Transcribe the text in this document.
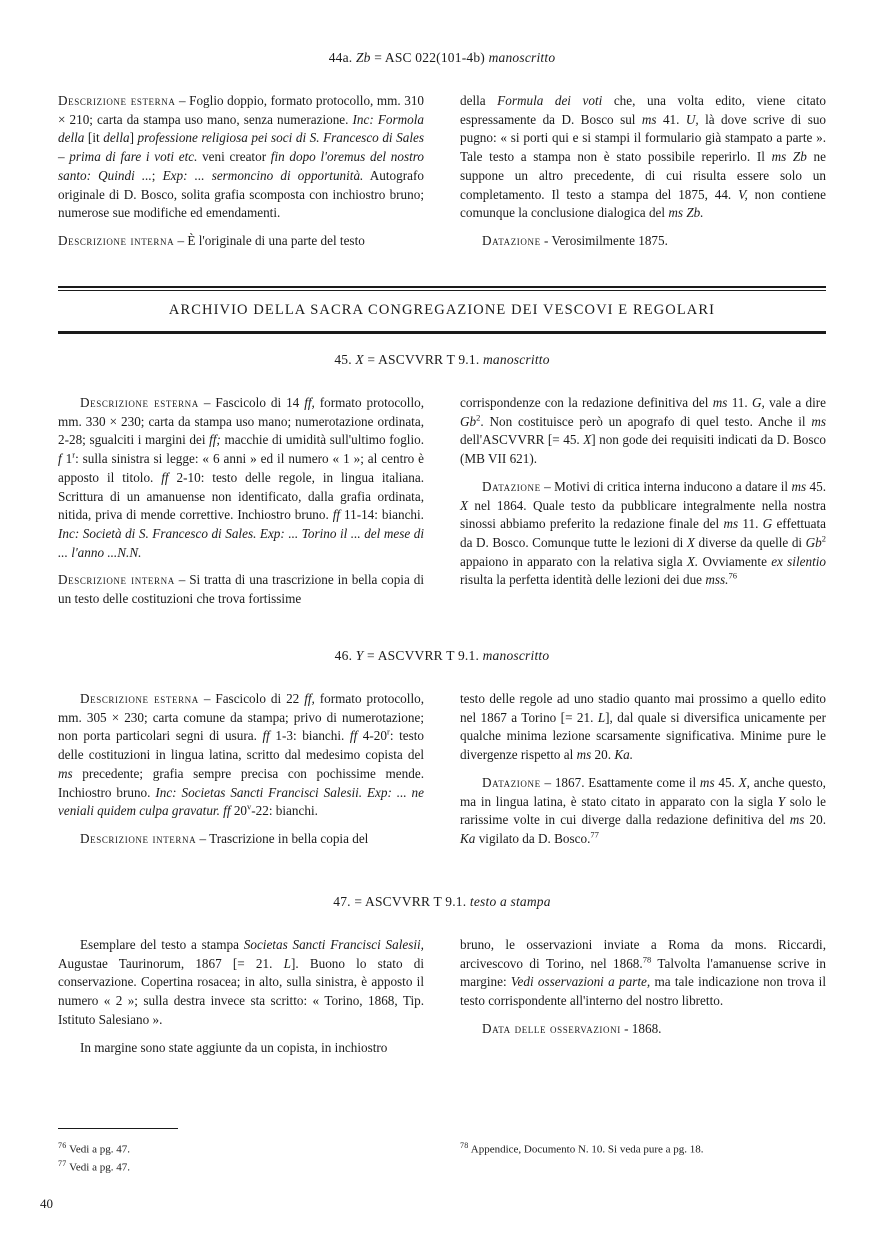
44a. Zb = ASC 022(101-4b) manoscritto

Descrizione esterna – Foglio doppio, formato protocollo, mm. 310 × 210; carta da stampa uso mano, senza numerazione. Inc: Formola della [it della] professione religiosa pei soci di S. Francesco di Sales – prima di fare i voti etc. veni creator fin dopo l'oremus del nostro santo: Quindi ...; Exp: ... sermoncino di opportunità. Autografo originale di D. Bosco, solita grafia scomposta con inchiostro bruno; numerose sue modifiche ed emendamenti.

Descrizione interna – È l'originale di una parte del testo

della Formula dei voti che, una volta edito, viene citato espressamente da D. Bosco sul ms 41. U, là dove scrive di suo pugno: « si porti qui e si stampi il formulario già stampato a parte ». Tale testo a stampa non è stato possibile reperirlo. Il ms Zb ne suppone un altro precedente, di cui risulta essere solo un completamento. Il testo a stampa del 1875, 44. V, non contiene comunque la conclusione dialogica del ms Zb.

Datazione - Verosimilmente 1875.

ARCHIVIO DELLA SACRA CONGREGAZIONE DEI VESCOVI E REGOLARI
45. X = ASCVVRR T 9.1. manoscritto

Descrizione esterna – Fascicolo di 14 ff, formato protocollo, mm. 330 × 230; carta da stampa uso mano; numerotazione ordinata, 2-28; sgualciti i margini dei ff; macchie di umidità sull'ultimo foglio. f 1$^r$: sulla sinistra si legge: « 6 anni » ed il numero « 1 »; al centro è apposto il titolo. ff 2-10: testo delle regole, in lingua italiana. Scrittura di un amanuense non identificato, dalla grafia ordinata, nitida, priva di mende correttive. Inchiostro bruno. ff 11-14: bianchi. Inc: Società di S. Francesco di Sales. Exp: ... Torino il ... del mese di ... l'anno ...N.N.

Descrizione interna – Si tratta di una trascrizione in bella copia di un testo delle costituzioni che trova fortissime

corrispondenze con la redazione definitiva del ms 11. G, vale a dire Gb$^2$. Non costituisce però un apografo di quel testo. Anche il ms dell'ASCVVRR [= 45. X] non gode dei requisiti indicati da D. Bosco (MB VII 621).

Datazione – Motivi di critica interna inducono a datare il ms 45. X nel 1864. Quale testo da pubblicare integralmente nella nostra sinossi abbiamo preferito la redazione finale del ms 11. G effettuata da D. Bosco. Comunque tutte le lezioni di X diverse da quelle di Gb$^2$ appaiono in apparato con la relativa sigla X. Ovviamente ex silentio risulta la perfetta identità delle lezioni dei due mss.$^{76}$

46. Y = ASCVVRR T 9.1. manoscritto

Descrizione esterna – Fascicolo di 22 ff, formato protocollo, mm. 305 × 230; carta comune da stampa; privo di numerotazione; non porta particolari segni di usura. ff 1-3: bianchi. ff 4-20$^r$: testo delle costituzioni in lingua latina, scritto dal medesimo copista del ms precedente; grafia sempre precisa con pochissime mende. Inchiostro bruno. Inc: Societas Sancti Francisci Salesii. Exp: ... ne veniali quidem culpa gravatur. ff 20$^v$-22: bianchi.

Descrizione interna – Trascrizione in bella copia del

testo delle regole ad uno stadio quanto mai prossimo a quello edito nel 1867 a Torino [= 21. L], dal quale si diversifica unicamente per qualche minima lezione scarsamente significativa. Minime pure le divergenze rispetto al ms 20. Ka.

Datazione – 1867. Esattamente come il ms 45. X, anche questo, ma in lingua latina, è stato citato in apparato con la sigla Y solo le rarissime volte in cui diverge dalla redazione definitiva del ms 20. Ka vigilato da D. Bosco.$^{77}$

47. = ASCVVRR T 9.1. testo a stampa

Esemplare del testo a stampa Societas Sancti Francisci Salesii, Augustae Taurinorum, 1867 [= 21. L]. Buono lo stato di conservazione. Copertina rosacea; in alto, sulla sinistra, è apposto il numero « 2 »; sulla destra invece sta scritto: « Torino, 1868, Tip. Istituto Salesiano ».

In margine sono state aggiunte da un copista, in inchiostro

bruno, le osservazioni inviate a Roma da mons. Riccardi, arcivescovo di Torino, nel 1868.78 Talvolta l'amanuense scrive in margine: Vedi osservazioni a parte, ma tale indicazione non trova il testo corrispondente all'interno del nostro libretto.

Data delle osservazioni - 1868.

$^{76}$ Vedi a pg. 47.
$^{77}$ Vedi a pg. 47.
$^{78}$ Appendice, Documento N. 10. Si veda pure a pg. 18.
40
